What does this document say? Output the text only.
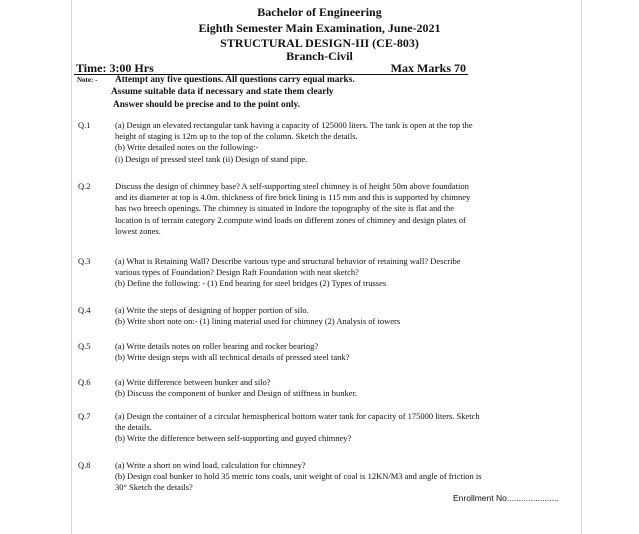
Bachelor of Engineering
Eighth Semester Main Examination, June-2021
STRUCTURAL DESIGN-III (CE-803)
Branch-Civil
Time: 3:00 Hrs	Max Marks 70
Note: - Attempt any five questions. All questions carry equal marks.
Assume suitable data if necessary and state them clearly
Answer should be precise and to the point only.
Q.1	(a) Design an elevated rectangular tank having a capacity of 125000 liters. The tank is open at the top the
height of staging is 12m up to the top of the column. Sketch the details.
(b) Write detailed notes on the following:-
(i) Design of pressed steel tank (ii) Design of stand pipe.
Q.2	Discuss the design of chimney base? A self-supporting steel chimney is of height 50m above foundation
and its diameter at top is 4.0m. thickness of fire brick lining is 115 mm and this is supported by chimney
has two breech openings. The chimney is situated in Indore the topography of the site is flat and the
location is of terrain category 2.compute wind loads on different zones of chimney and design plates of
lowest zones.
Q.3	(a) What is Retaining Wall? Describe various type and structural behavior of retaining wall? Describe
various types of Foundation? Design Raft Foundation with neat sketch?
(b) Define the following: - (1) End bearing for steel bridges (2) Types of trusses
Q.4	(a) Write the steps of designing of hopper portion of silo.
(b) Write short note on:- (1) lining material used for chimney (2) Analysis of towers
Q.5	(a) Write details notes on roller bearing and rocker bearing?
(b) Write design steps with all technical details of pressed steel tank?
Q.6	(a) Write difference between bunker and silo?
(b) Discuss the component of bunker and Design of stiffness in bunker.
Q.7	(a) Design the container of a circular hemispherical bottom water tank for capacity of 175000 liters. Sketch
the details.
(b) Write the difference between self-supporting and guyed chimney?
Q.8	(a) Write a short on wind load, calculation for chimney?
(b) Design coal bunker to hold 35 metric tons coals, unit weight of coal is 12KN/M3 and angle of friction is
30° Sketch the details?
Enrollment No......................
